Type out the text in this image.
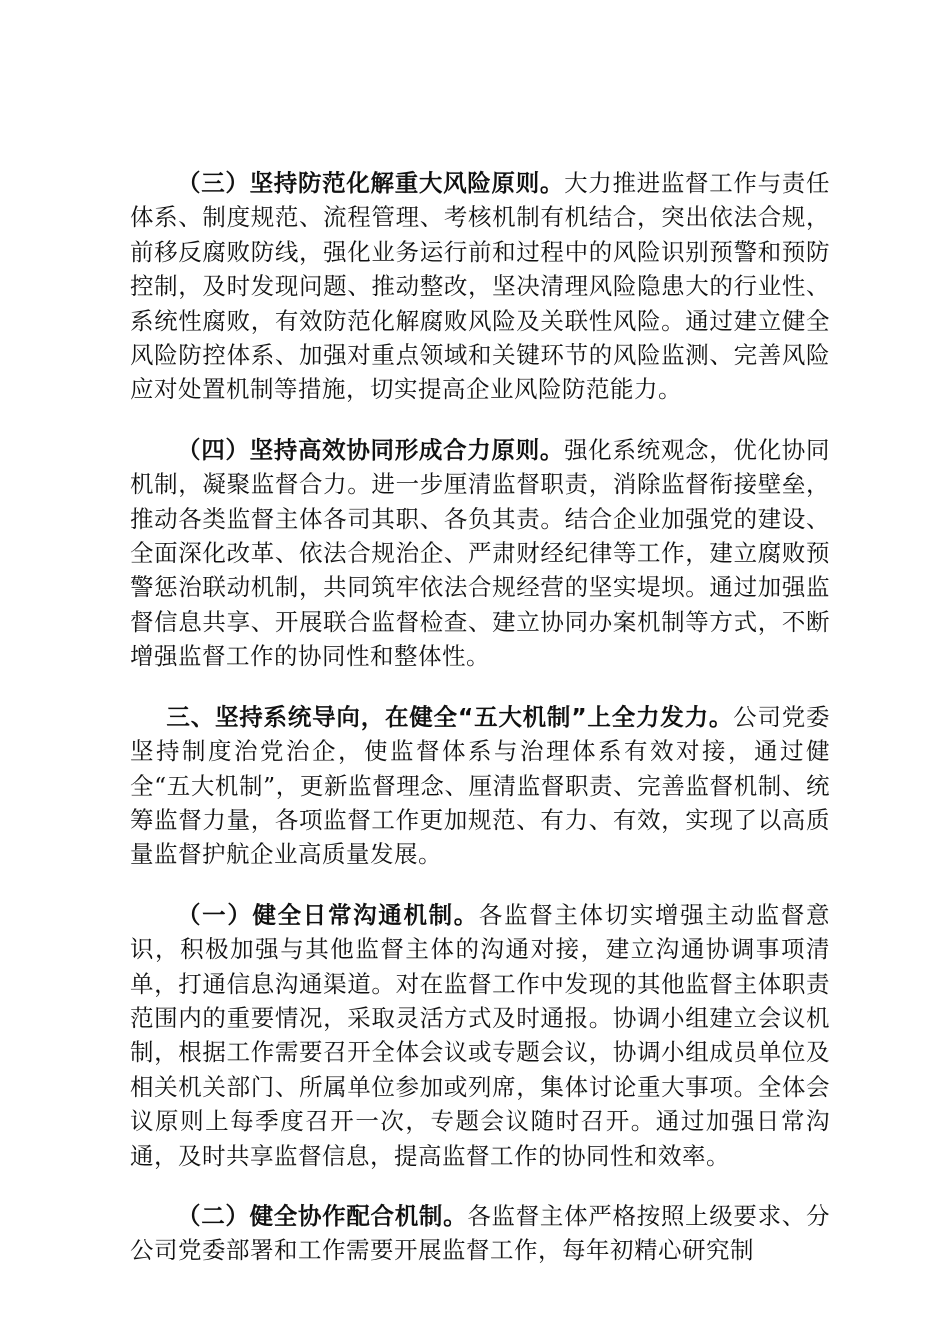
（三）坚持防范化解重大风险原则。大力推进监督工作与责任体系、制度规范、流程管理、考核机制有机结合，突出依法合规，前移反腐败防线，强化业务运行前和过程中的风险识别预警和预防控制，及时发现问题、推动整改，坚决清理风险隐患大的行业性、系统性腐败，有效防范化解腐败风险及关联性风险。通过建立健全风险防控体系、加强对重点领域和关键环节的风险监测、完善风险应对处置机制等措施，切实提高企业风险防范能力。

（四）坚持高效协同形成合力原则。强化系统观念，优化协同机制，凝聚监督合力。进一步厘清监督职责，消除监督衔接壁垒，推动各类监督主体各司其职、各负其责。结合企业加强党的建设、全面深化改革、依法合规治企、严肃财经纪律等工作，建立腐败预警惩治联动机制，共同筑牢依法合规经营的坚实堤坝。通过加强监督信息共享、开展联合监督检查、建立协同办案机制等方式，不断增强监督工作的协同性和整体性。

三、坚持系统导向，在健全“五大机制”上全力发力。公司党委坚持制度治党治企，使监督体系与治理体系有效对接，通过健全“五大机制”，更新监督理念、厘清监督职责、完善监督机制、统筹监督力量，各项监督工作更加规范、有力、有效，实现了以高质量监督护航企业高质量发展。

（一）健全日常沟通机制。各监督主体切实增强主动监督意识，积极加强与其他监督主体的沟通对接，建立沟通协调事项清单，打通信息沟通渠道。对在监督工作中发现的其他监督主体职责范围内的重要情况，采取灵活方式及时通报。协调小组建立会议机制，根据工作需要召开全体会议或专题会议，协调小组成员单位及相关机关部门、所属单位参加或列席，集体讨论重大事项。全体会议原则上每季度召开一次，专题会议随时召开。通过加强日常沟通，及时共享监督信息，提高监督工作的协同性和效率。

（二）健全协作配合机制。各监督主体严格按照上级要求、分公司党委部署和工作需要开展监督工作，每年初精心研究制
